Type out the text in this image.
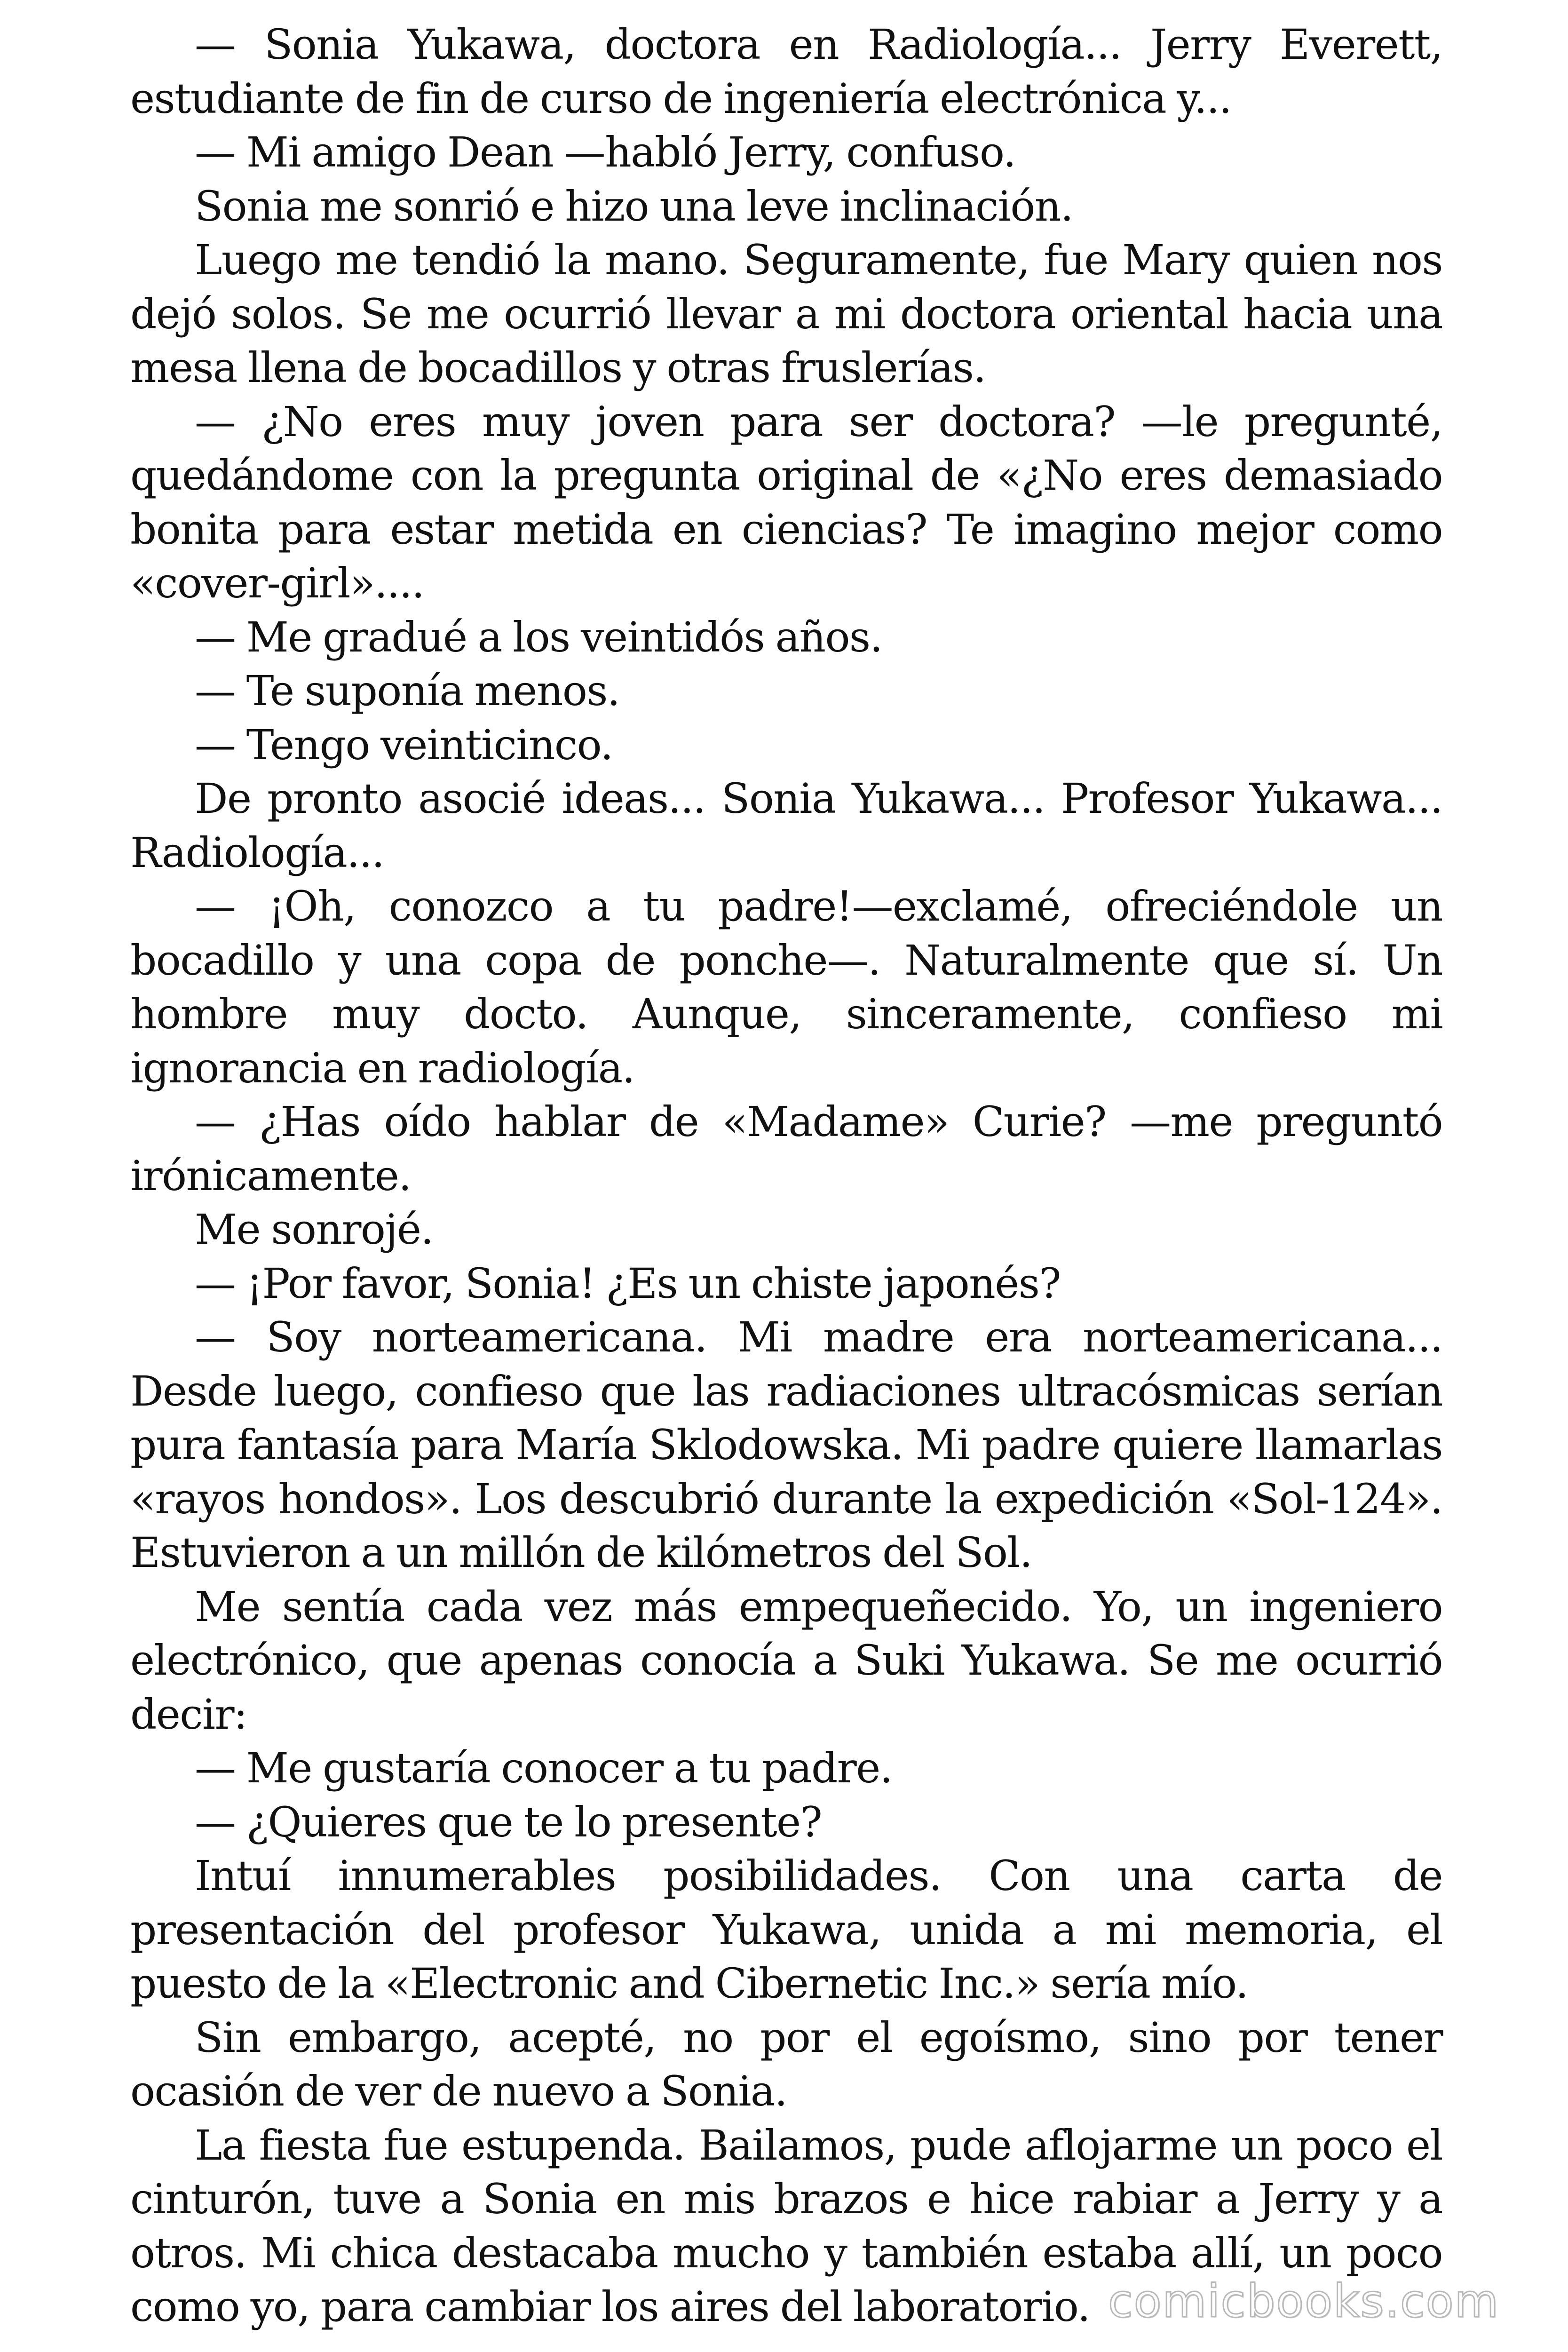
— Sonia Yukawa, doctora en Radiología... Jerry Everett, estudiante de fin de curso de ingeniería electrónica y...

— Mi amigo Dean —habló Jerry, confuso.

Sonia me sonrió e hizo una leve inclinación.

Luego me tendió la mano. Seguramente, fue Mary quien nos dejó solos. Se me ocurrió llevar a mi doctora oriental hacia una mesa llena de bocadillos y otras fruslerías.

— ¿No eres muy joven para ser doctora? —le pregunté, quedándome con la pregunta original de «¿No eres demasiado bonita para estar metida en ciencias? Te imagino mejor como «cover-girl»....

— Me gradué a los veintidós años.

— Te suponía menos.

— Tengo veinticinco.

De pronto asocié ideas... Sonia Yukawa... Profesor Yukawa... Radiología...

— ¡Oh, conozco a tu padre!—exclamé, ofreciéndole un bocadillo y una copa de ponche—. Naturalmente que sí. Un hombre muy docto. Aunque, sinceramente, confieso mi ignorancia en radiología.

— ¿Has oído hablar de «Madame» Curie? —me preguntó irónicamente.

Me sonrojé.

— ¡Por favor, Sonia! ¿Es un chiste japonés?

— Soy norteamericana. Mi madre era norteamericana... Desde luego, confieso que las radiaciones ultracósmicas serían pura fantasía para María Sklodowska. Mi padre quiere llamarlas «rayos hondos». Los descubrió durante la expedición «Sol-124». Estuvieron a un millón de kilómetros del Sol.

Me sentía cada vez más empequeñecido. Yo, un ingeniero electrónico, que apenas conocía a Suki Yukawa. Se me ocurrió decir:

— Me gustaría conocer a tu padre.

— ¿Quieres que te lo presente?

Intuí innumerables posibilidades. Con una carta de presentación del profesor Yukawa, unida a mi memoria, el puesto de la «Electronic and Cibernetic Inc.» sería mío.

Sin embargo, acepté, no por el egoísmo, sino por tener ocasión de ver de nuevo a Sonia.

La fiesta fue estupenda. Bailamos, pude aflojarme un poco el cinturón, tuve a Sonia en mis brazos e hice rabiar a Jerry y a otros. Mi chica destacaba mucho y también estaba allí, un poco como yo, para cambiar los aires del laboratorio. comicbooks.com
